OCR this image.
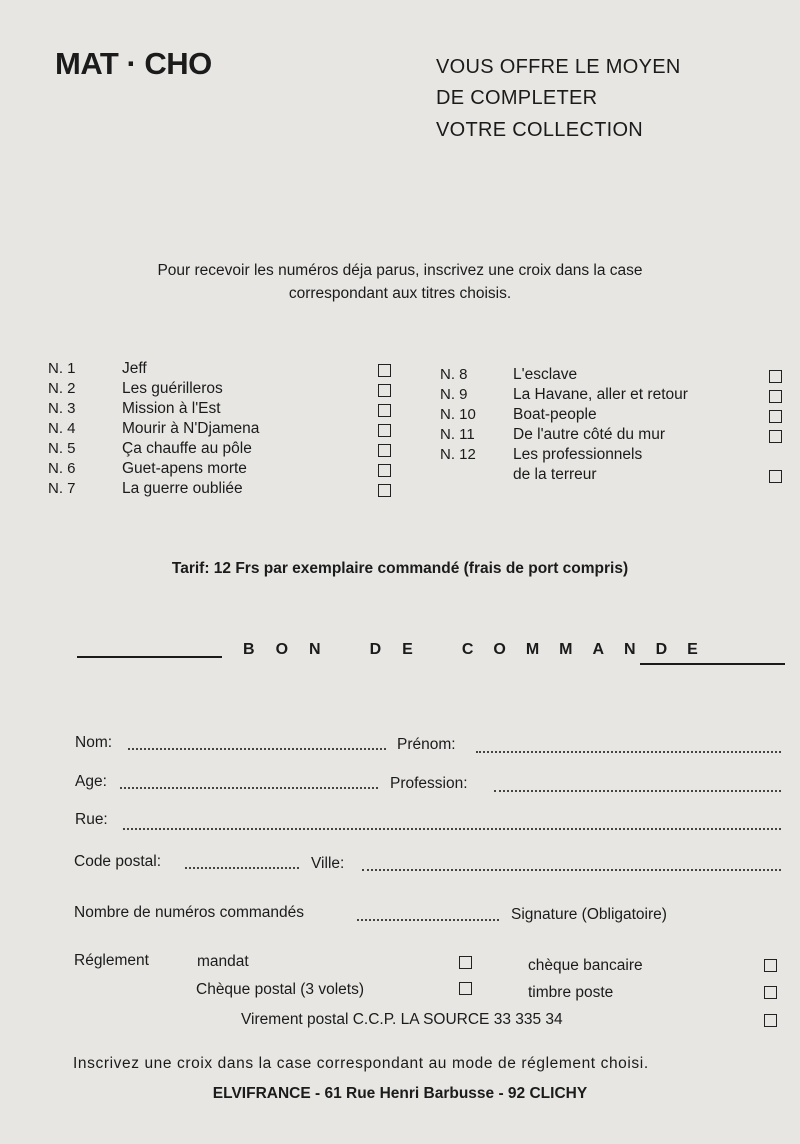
MAT · CHO	VOUS OFFRE LE MOYEN
DE COMPLETER
VOTRE COLLECTION
Pour recevoir les numéros déja parus, inscrivez une croix dans la case
correspondant aux titres choisis.
N. 1	Jeff
N. 2	Les guérilleros
N. 3	Mission à l'Est
N. 4	Mourir à N'Djamena
N. 5	Ça chauffe au pôle
N. 6	Guet-apens morte
N. 7	La guerre oubliée
N. 8	L'esclave
N. 9	La Havane, aller et retour
N. 10 Boat-people
N. 11 De l'autre côté du mur
N. 12 Les professionnels
de la terreur
Tarif: 12 Frs par exemplaire commandé (frais de port compris)
B O N	D E	C O M M A N D E
Nom:	Prénom:
Age:	Profession:
Rue:
Code postal:	Ville:
Nombre de numéros commandés	Signature (Obligatoire)
Réglement	mandat	chèque bancaire
Chèque postal (3 volets)	timbre poste
Virement postal C.C.P. LA SOURCE 33 335 34
Inscrivez une croix dans la case correspondant au mode de réglement choisi.
ELVIFRANCE - 61 Rue Henri Barbusse - 92 CLICHY
